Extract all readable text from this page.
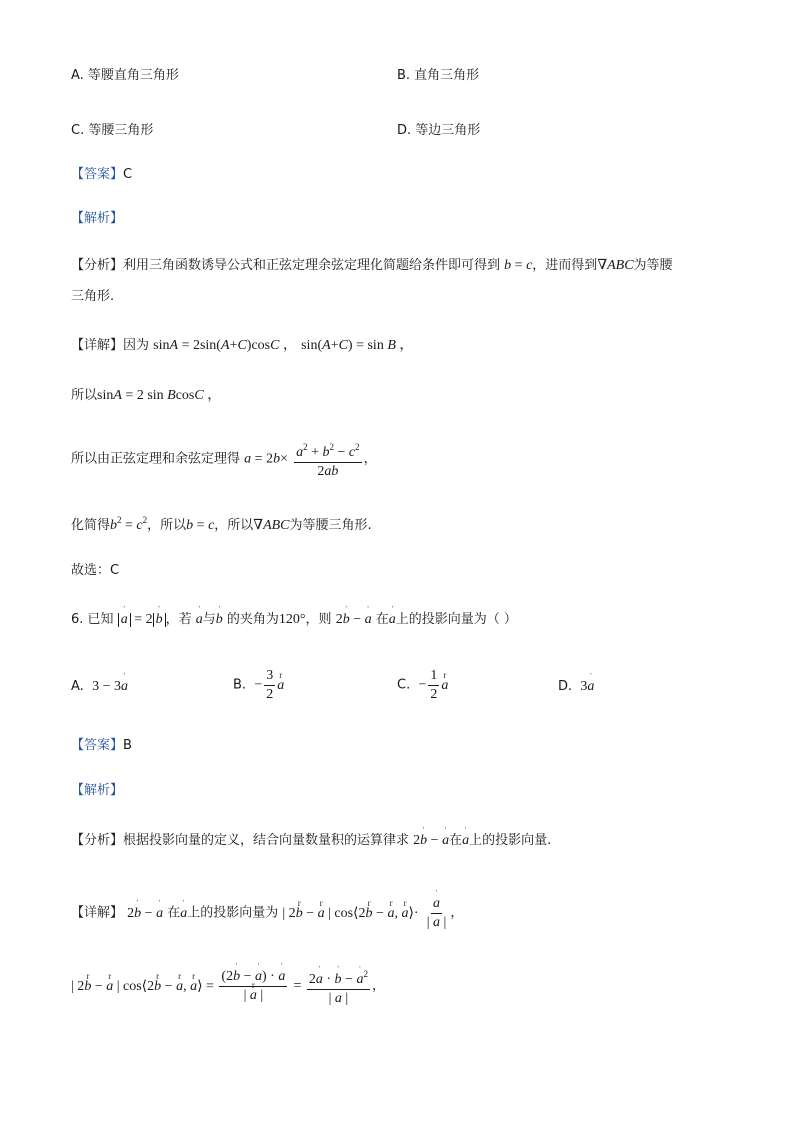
A. 等腰直角三角形	B. 直角三角形
C. 等腰三角形	D. 等边三角形
【答案】C
【解析】
【分析】利用三角函数诱导公式和正弦定理余弦定理化简题给条件即可得到 b = c，进而得到∇ABC为等腰
三角形.
【详解】因为 sinA = 2sin(A+C)cosC ， sin(A+C) = sin B ，
所以sinA = 2 sin BcosC ，
所以由正弦定理和余弦定理得 $a = 2b\times \frac{a^2 + b^2 - c^2}{2ab}$ ，
化简得$b^2 = c^2$，所以b = c，所以∇ABC为等腰三角形.
故选：C
6. 已知 ˈ a = 2 ˈ b ，若 ˈ a与ˈ b 的夹角为120°，则 2ˈ b − ˈ a 在ˈ a上的投影向量为（ ）
A. 3 − 3ˈ a	B. − $\frac{3}{2}$ r a	C. − $\frac{1}{2}$ r a	D. 3ˈ a
【答案】B
【解析】
【分析】根据投影向量的定义，结合向量数量积的运算律求 2ˈ b − ˈ a在ˈ a上的投影向量.
【详解】 2ˈ b − ˈ a 在ˈ a上的投影向量为 | 2r b − r a | cos⟨2r b − r a, r a⟩· ˈ $\frac{a}{| a |}$ ，
| 2r b − r a | cos⟨2r b − r a, r a⟩ = $\frac{\text{(2ˈ b − ˈ a) · ˈ a}}{\text{| r a |}} = \frac{2ˈ a \cdot ˈ b - ˈ a^2}{| a |}$ ，
